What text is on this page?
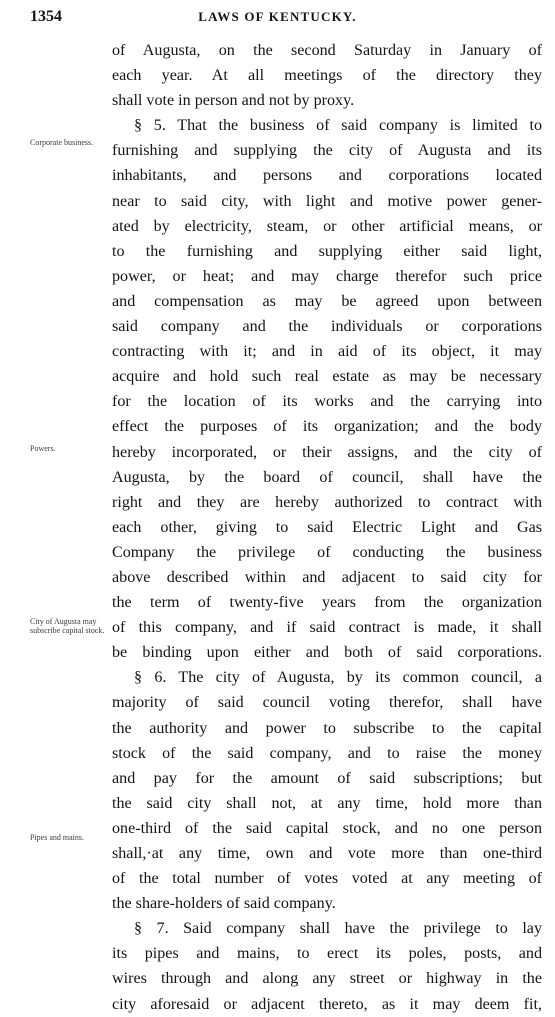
1354	LAWS OF KENTUCKY.
of Augusta, on the second Saturday in January of
each year. At all meetings of the directory they
shall vote in person and not by proxy.
§ 5. That the business of said company is limited to
furnishing and supplying the city of Augusta and its
inhabitants, and persons and corporations located
near to said city, with light and motive power gener-
ated by electricity, steam, or other artificial means, or
to the furnishing and supplying either said light,
power, or heat; and may charge therefor such price
and compensation as may be agreed upon between
said company and the individuals or corporations
contracting with it; and in aid of its object, it may
acquire and hold such real estate as may be necessary
for the location of its works and the carrying into
effect the purposes of its organization; and the body
hereby incorporated, or their assigns, and the city of
Augusta, by the board of council, shall have the
right and they are hereby authorized to contract with
each other, giving to said Electric Light and Gas
Company the privilege of conducting the business
above described within and adjacent to said city for
the term of twenty-five years from the organization
of this company, and if said contract is made, it shall
be binding upon either and both of said corporations.
§ 6. The city of Augusta, by its common council, a
majority of said council voting therefor, shall have
the authority and power to subscribe to the capital
stock of the said company, and to raise the money
and pay for the amount of said subscriptions; but
the said city shall not, at any time, hold more than
one-third of the said capital stock, and no one person
shall,·at any time, own and vote more than one-third
of the total number of votes voted at any meeting of
the share-holders of said company.
§ 7. Said company shall have the privilege to lay
its pipes and mains, to erect its poles, posts, and
wires through and along any street or highway in the
city aforesaid or adjacent thereto, as it may deem fit,
Corporate business.
Powers.
City of Augusta may subscribe capital stock.
Pipes and mains.
